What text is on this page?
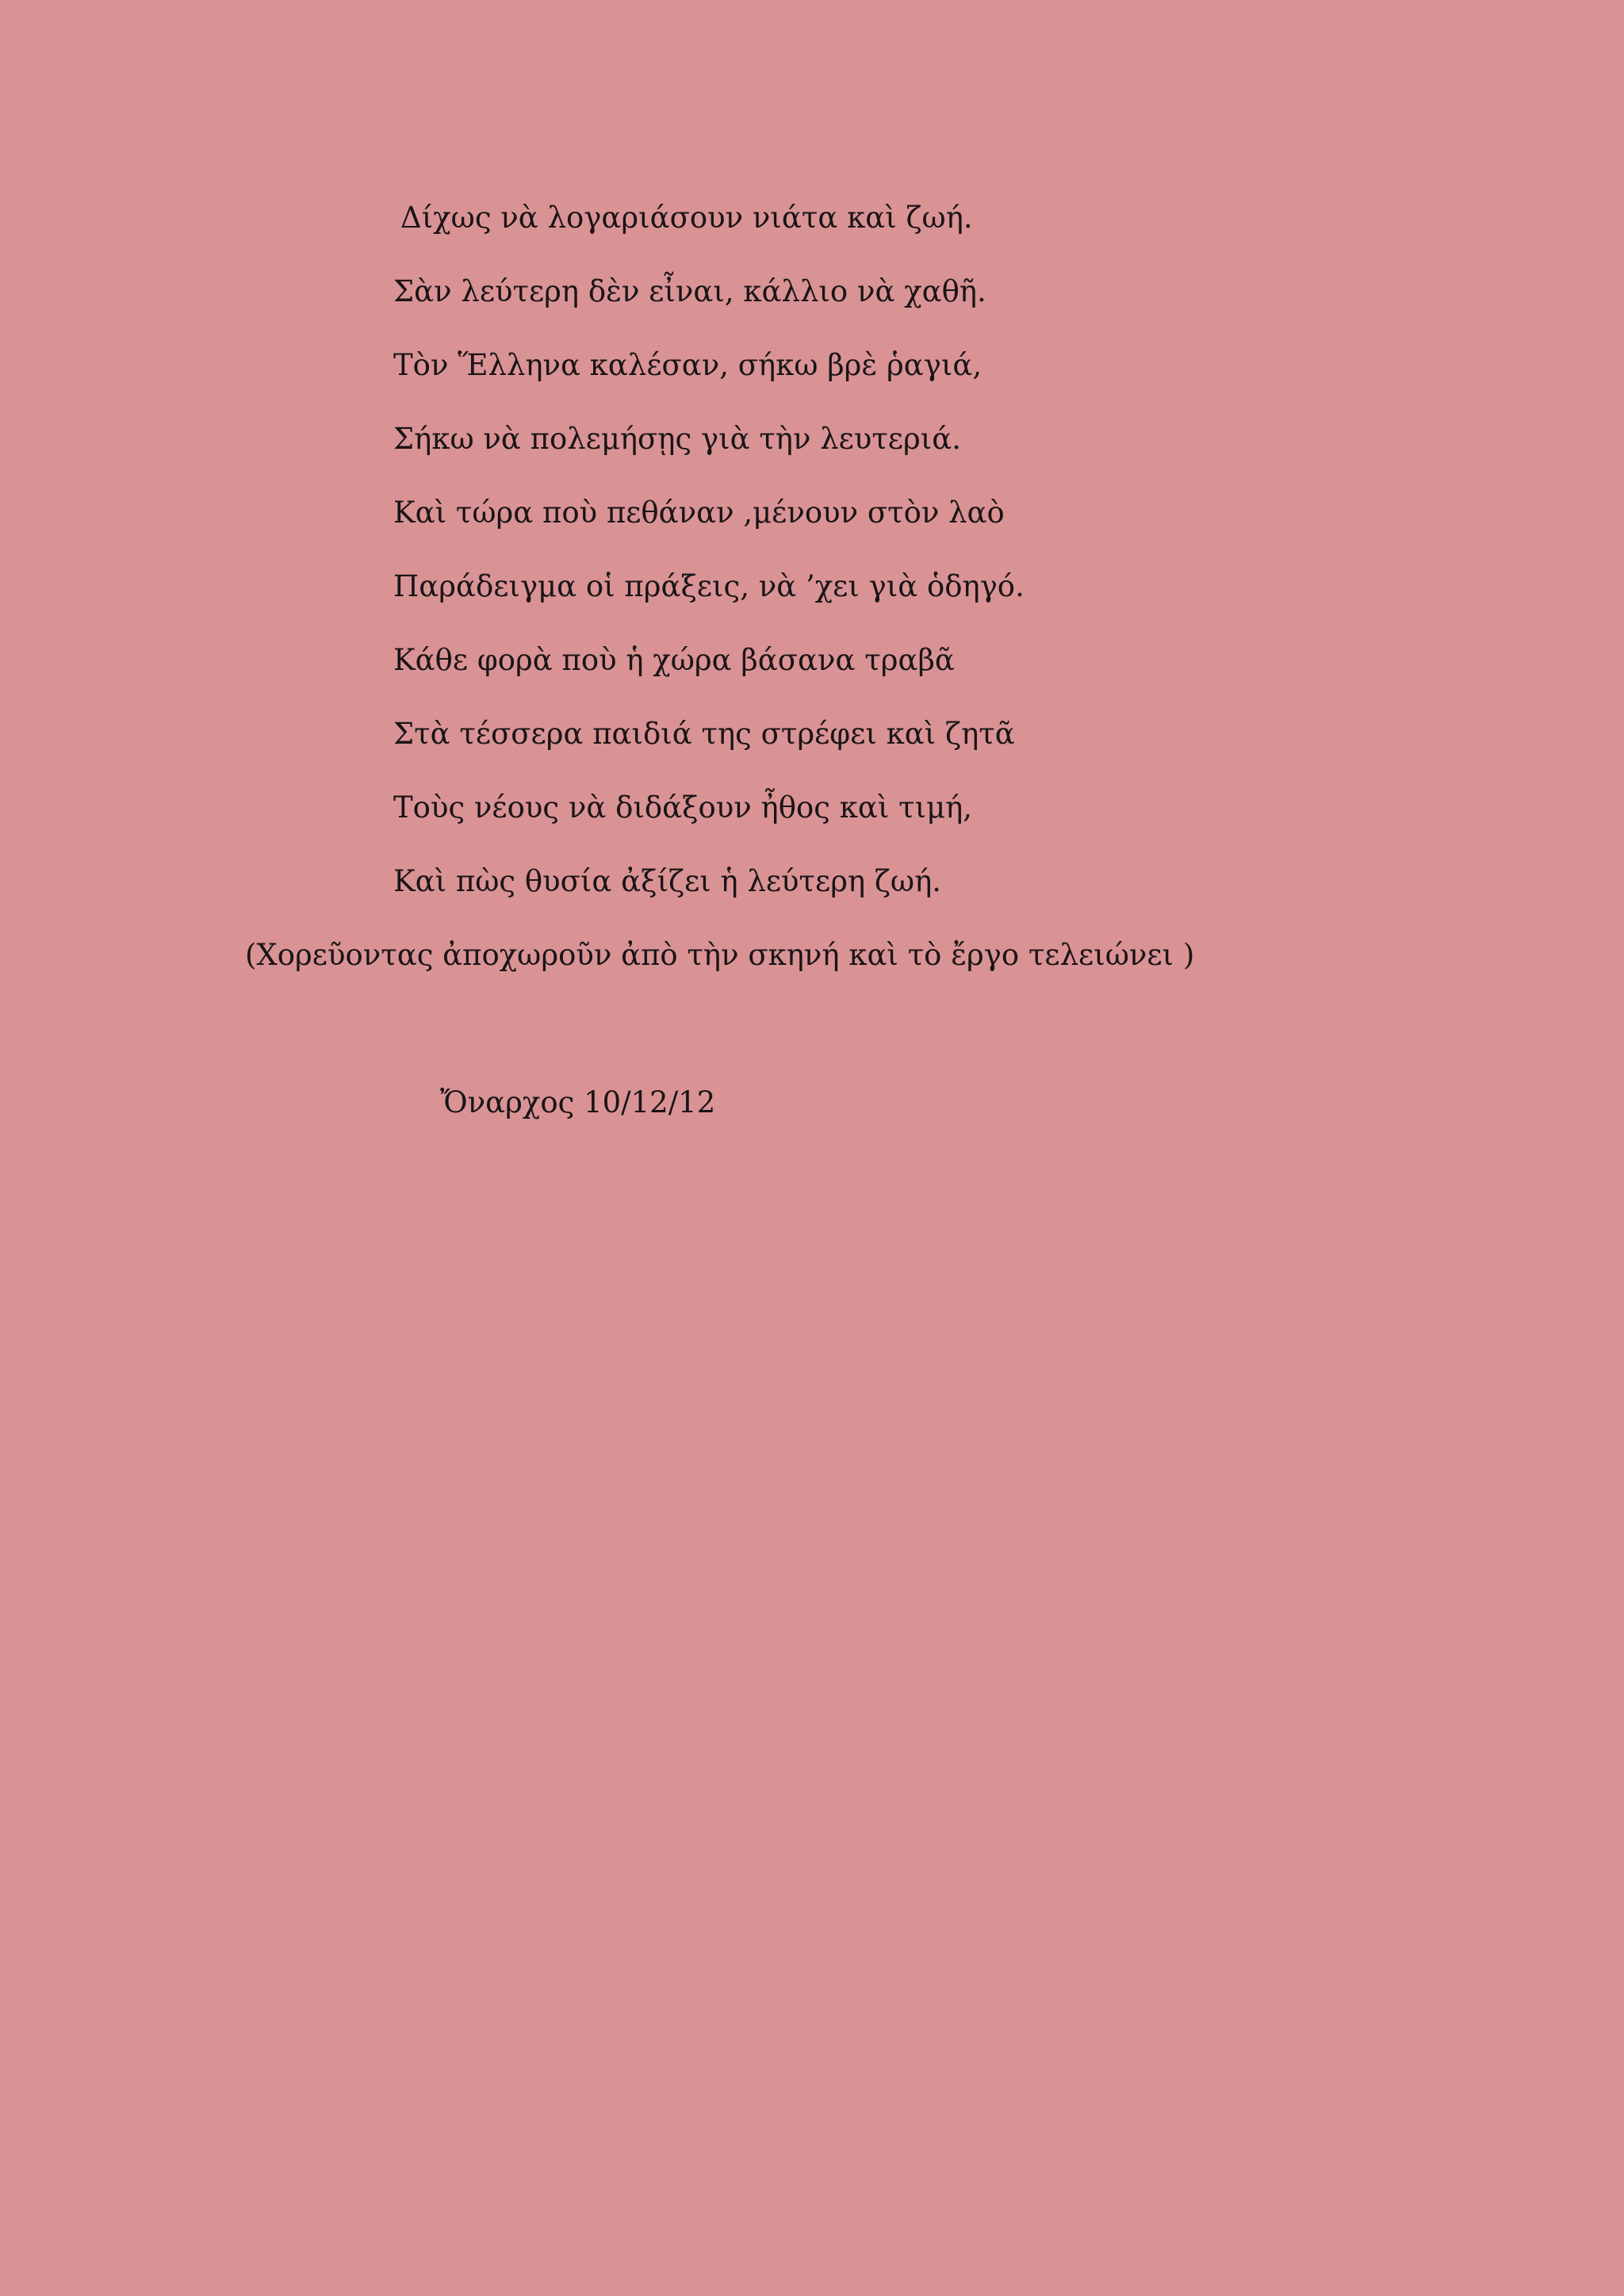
Δίχως νὰ λογαριάσουν νιάτα καὶ ζωή.
Σὰν λεύτερη δὲν εἶναι, κάλλιο νὰ χαθῆ.
Τὸν Ἕλληνα καλέσαν, σήκω βρὲ ῥαγιά,
Σήκω νὰ πολεμήσῃς γιὰ τὴν λευτεριά.
Καὶ τώρα ποὺ πεθάναν ,μένουν στὸν λαὸ
Παράδειγμα οἱ πράξεις, νὰ ’χει γιὰ ὁδηγό.
Κάθε φορὰ ποὺ ἡ χώρα βάσανα τραβᾶ
Στὰ τέσσερα παιδιά της στρέφει καὶ ζητᾶ
Τοὺς νέους νὰ διδάξουν ἦθος καὶ τιμή,
Καὶ πὼς θυσία ἀξίζει ἡ λεύτερη ζωή.
(Χορεῦοντας ἀποχωροῦν ἀπὸ τὴν σκηνή καὶ τὸ ἔργο τελειώνει )
Ὄναρχος 10/12/12
